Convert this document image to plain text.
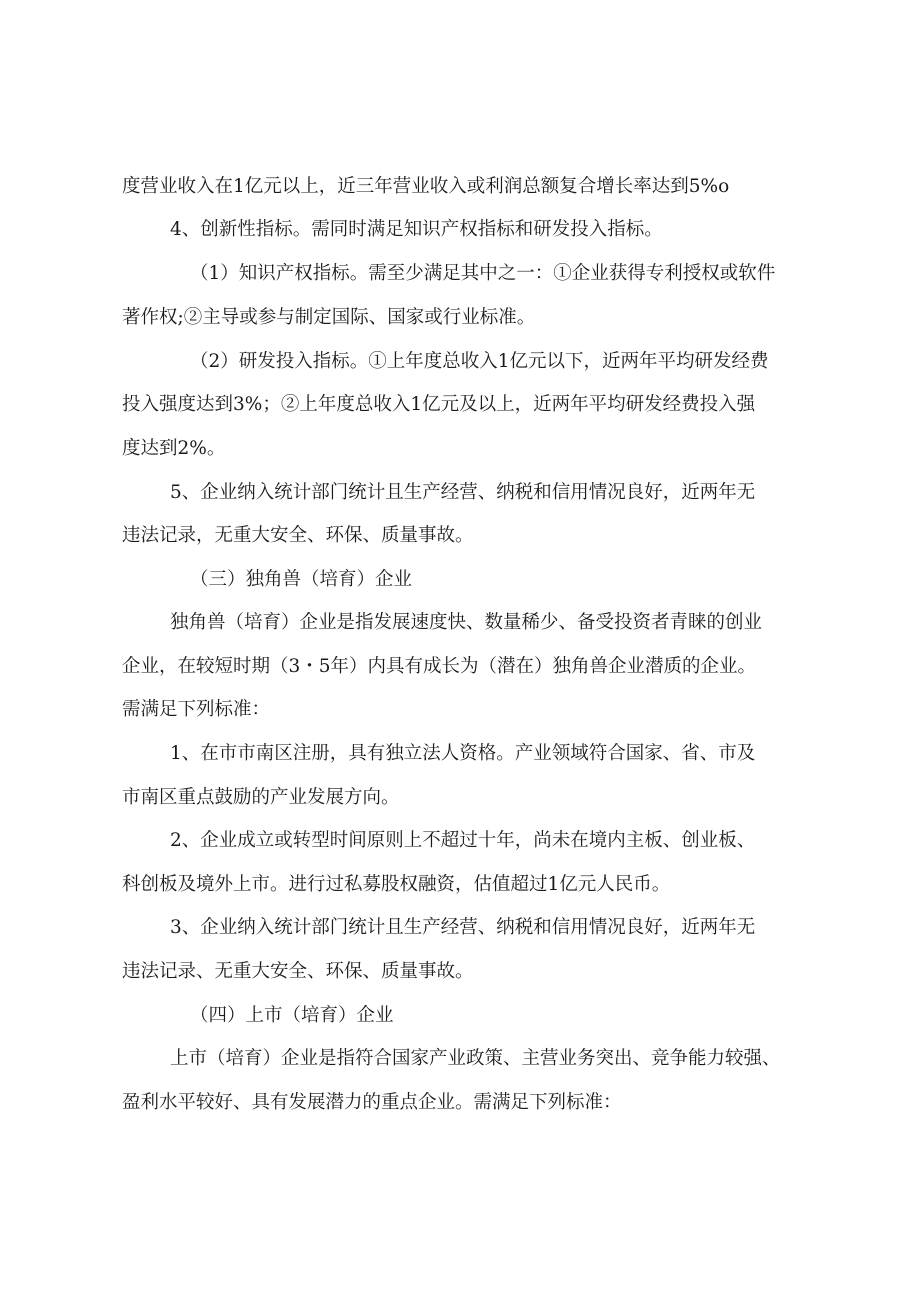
度营业收入在1亿元以上，近三年营业收入或利润总额复合增长率达到5%o
4、创新性指标。需同时满足知识产权指标和研发投入指标。
（1）知识产权指标。需至少满足其中之一：①企业获得专利授权或软件
著作权;②主导或参与制定国际、国家或行业标准。
（2）研发投入指标。①上年度总收入1亿元以下，近两年平均研发经费
投入强度达到3%；②上年度总收入1亿元及以上，近两年平均研发经费投入强
度达到2%。
5、企业纳入统计部门统计且生产经营、纳税和信用情况良好，近两年无
违法记录，无重大安全、环保、质量事故。
（三）独角兽（培育）企业
独角兽（培育）企业是指发展速度快、数量稀少、备受投资者青睐的创业
企业，在较短时期（3・5年）内具有成长为（潜在）独角兽企业潜质的企业。
需满足下列标准：
1、在市市南区注册，具有独立法人资格。产业领域符合国家、省、市及
市南区重点鼓励的产业发展方向。
2、企业成立或转型时间原则上不超过十年，尚未在境内主板、创业板、
科创板及境外上市。进行过私募股权融资，估值超过1亿元人民币。
3、企业纳入统计部门统计且生产经营、纳税和信用情况良好，近两年无
违法记录、无重大安全、环保、质量事故。
（四）上市（培育）企业
上市（培育）企业是指符合国家产业政策、主营业务突出、竞争能力较强、
盈利水平较好、具有发展潜力的重点企业。需满足下列标准：
